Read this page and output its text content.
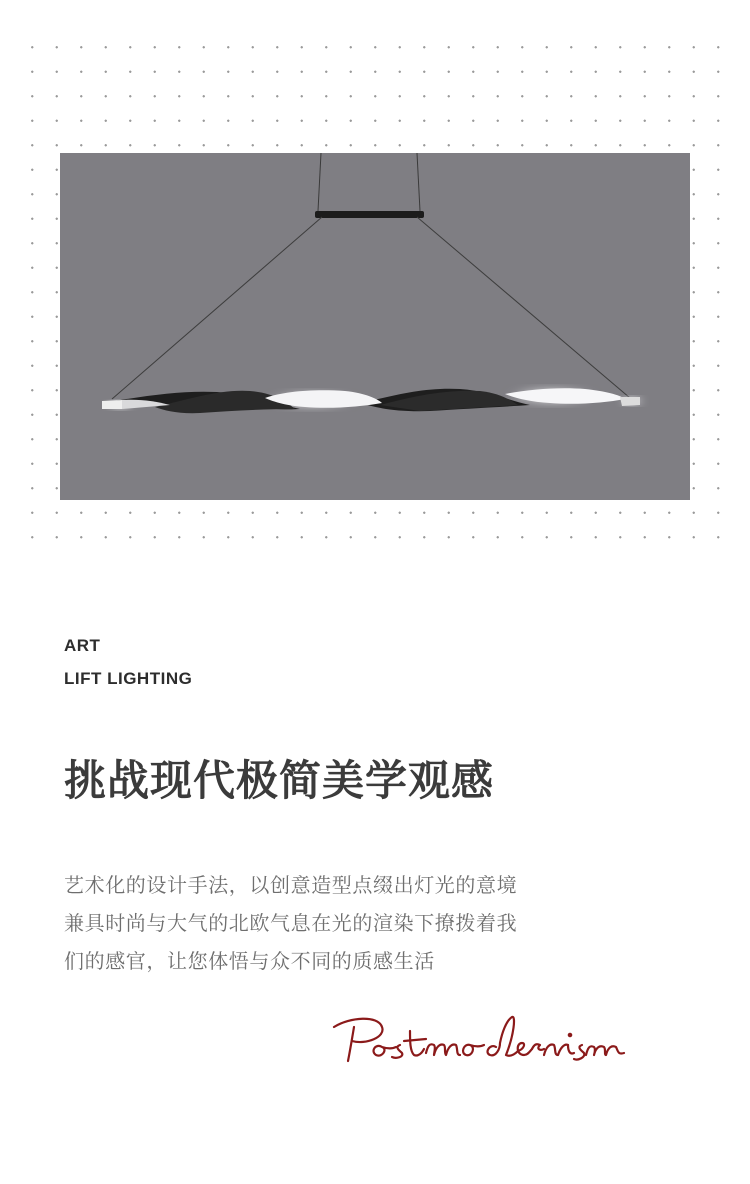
ART
LIFT LIGHTING
挑战现代极简美学观感
艺术化的设计手法，以创意造型点缀出灯光的意境
兼具时尚与大气的北欧气息在光的渲染下撩拨着我
们的感官，让您体悟与众不同的质感生活
